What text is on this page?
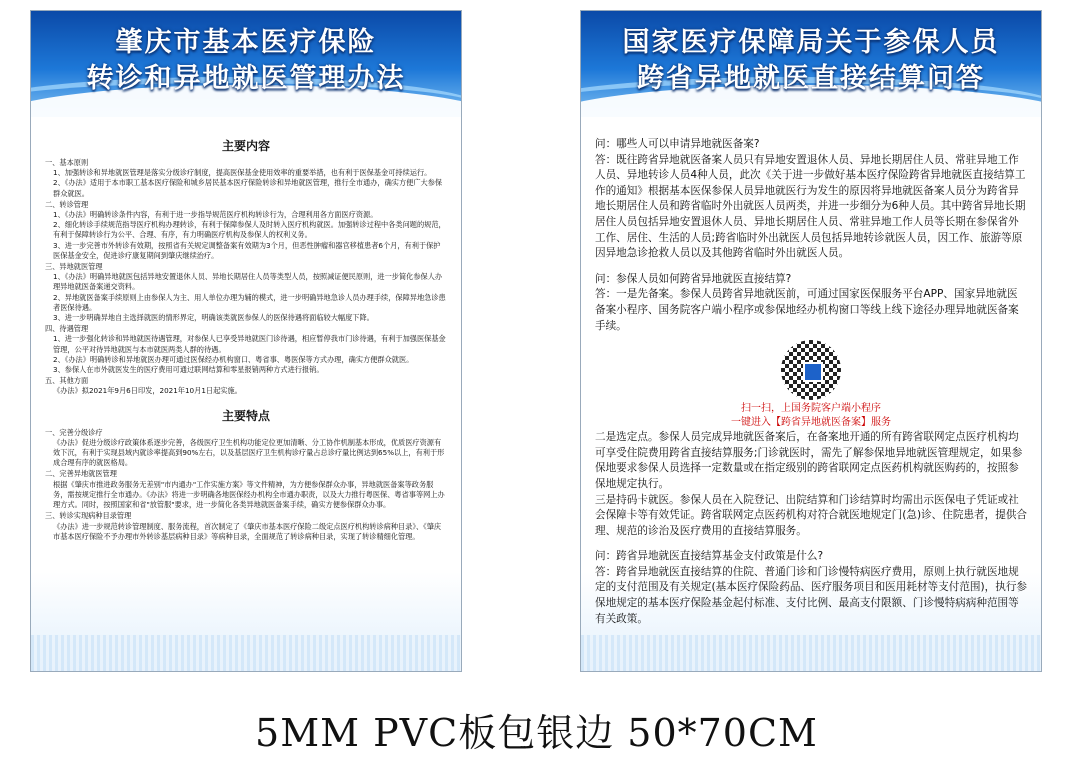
肇庆市基本医疗保险
转诊和异地就医管理办法
主要内容
一、基本原则
1、加强转诊和异地就医管理是落实分级诊疗制度，提高医保基金使用效率的重要举措，也有利于医保基金可持续运行。
2、《办法》适用于本市职工基本医疗保险和城乡居民基本医疗保险转诊和异地就医管理，推行全市通办，确实方便广大参保群众就医。
二、转诊管理
1、《办法》明确转诊条件内容，有利于进一步指导规范医疗机构转诊行为，合理利用各方面医疗资源。
2、细化转诊手续规范指导医疗机构办理转诊，有利于保障参保人及时转入医疗机构就医。加强转诊过程中各类问题的规范，有利于保障转诊行为公平、合理、有序，有力明确医疗机构及参保人的权利义务。
3、进一步完善市外转诊有效期，按照省有关规定调整备案有效期为3个月，但恶性肿瘤和器官移植患者6个月，有利于保护医保基金安全，促进诊疗康复期间到肇庆继续治疗。
三、异地就医管理
1、《办法》明确异地就医包括异地安置退休人员、异地长期居住人员等类型人员，按照减证便民原则，进一步简化参保人办理异地就医备案递交资料。
2、异地就医备案手续原则上由参保人为主、用人单位办理为辅的模式，进一步明确异地急诊人员办理手续，保障异地急诊患者医保待遇。
3、进一步明确异地自主选择就医的情形界定，明确该类就医参保人的医保待遇将面临较大幅度下降。
四、待遇管理
1、进一步强化转诊和异地就医待遇管理，对参保人已享受异地就医门诊待遇，相应暂停我市门诊待遇，有利于加强医保基金管理，公平对待异地就医与本市就医两类人群的待遇。
2、《办法》明确转诊和异地就医办理可通过医保经办机构窗口、粤省事、粤医保等方式办理，确实方便群众就医。
3、参保人在市外就医发生的医疗费用可通过联网结算和零星报销两种方式进行报销。
五、其他方面
《办法》拟2021年9月6日印发，2021年10月1日起实施。
主要特点
一、完善分级诊疗
《办法》促进分级诊疗政策体系逐步完善，各级医疗卫生机构功能定位更加清晰、分工协作机制基本形成，优质医疗资源有效下沉，有利于实现县域内就诊率提高到90%左右，以及基层医疗卫生机构诊疗量占总诊疗量比例达到65%以上，有利于形成合理有序的就医格局。
二、完善异地就医管理
根据《肇庆市推进政务服务无差别"市内通办"工作实施方案》等文件精神，为方便参保群众办事，异地就医备案等政务服务，需按规定推行全市通办。《办法》将进一步明确各地医保经办机构全市通办职责，以及大力推行粤医保、粤省事等网上办理方式。同时，按照国家和省"放管服"要求，进一步简化各类异地就医备案手续，确实方便参保群众办事。
三、转诊实现病种目录管理
《办法》进一步规范转诊管理制度、服务流程，首次制定了《肇庆市基本医疗保险二级定点医疗机构转诊病种目录》、《肇庆市基本医疗保险不予办理市外转诊基层病种目录》等病种目录，全面规范了转诊病种目录，实现了转诊精细化管理。
国家医疗保障局关于参保人员
跨省异地就医直接结算问答
问：哪些人可以申请异地就医备案?
答：既往跨省异地就医备案人员只有异地安置退休人员、异地长期居住人员、常驻异地工作人员、异地转诊人员4种人员，此次《关于进一步做好基本医疗保险跨省异地就医直接结算工作的通知》根据基本医保参保人员异地就医行为发生的原因将异地就医备案人员分为跨省异地长期居住人员和跨省临时外出就医人员两类，并进一步细分为6种人员。其中跨省异地长期居住人员包括异地安置退休人员、异地长期居住人员、常驻异地工作人员等长期在参保省外工作、居住、生活的人员;跨省临时外出就医人员包括异地转诊就医人员，因工作、旅游等原因异地急诊抢救人员以及其他跨省临时外出就医人员。
问：参保人员如何跨省异地就医直接结算?
答：一是先备案。参保人员跨省异地就医前，可通过国家医保服务平台APP、国家异地就医备案小程序、国务院客户端小程序或参保地经办机构窗口等线上线下途径办理异地就医备案手续。
扫一扫，上国务院客户端小程序
一键进入【跨省异地就医备案】服务
二是选定点。参保人员完成异地就医备案后，在备案地开通的所有跨省联网定点医疗机构均可享受住院费用跨省直接结算服务;门诊就医时，需先了解参保地异地就医管理规定，如果参保地要求参保人员选择一定数量或在指定级别的跨省联网定点医药机构就医购药的，按照参保地规定执行。
三是持码卡就医。参保人员在入院登记、出院结算和门诊结算时均需出示医保电子凭证或社会保障卡等有效凭证。跨省联网定点医药机构对符合就医地规定门(急)诊、住院患者，提供合理、规范的诊治及医疗费用的直接结算服务。
问：跨省异地就医直接结算基金支付政策是什么?
答：跨省异地就医直接结算的住院、普通门诊和门诊慢特病医疗费用，原则上执行就医地规定的支付范围及有关规定(基本医疗保险药品、医疗服务项目和医用耗材等支付范围)，执行参保地规定的基本医疗保险基金起付标准、支付比例、最高支付限额、门诊慢特病病种范围等有关政策。
5MM PVC板包银边 50*70CM
